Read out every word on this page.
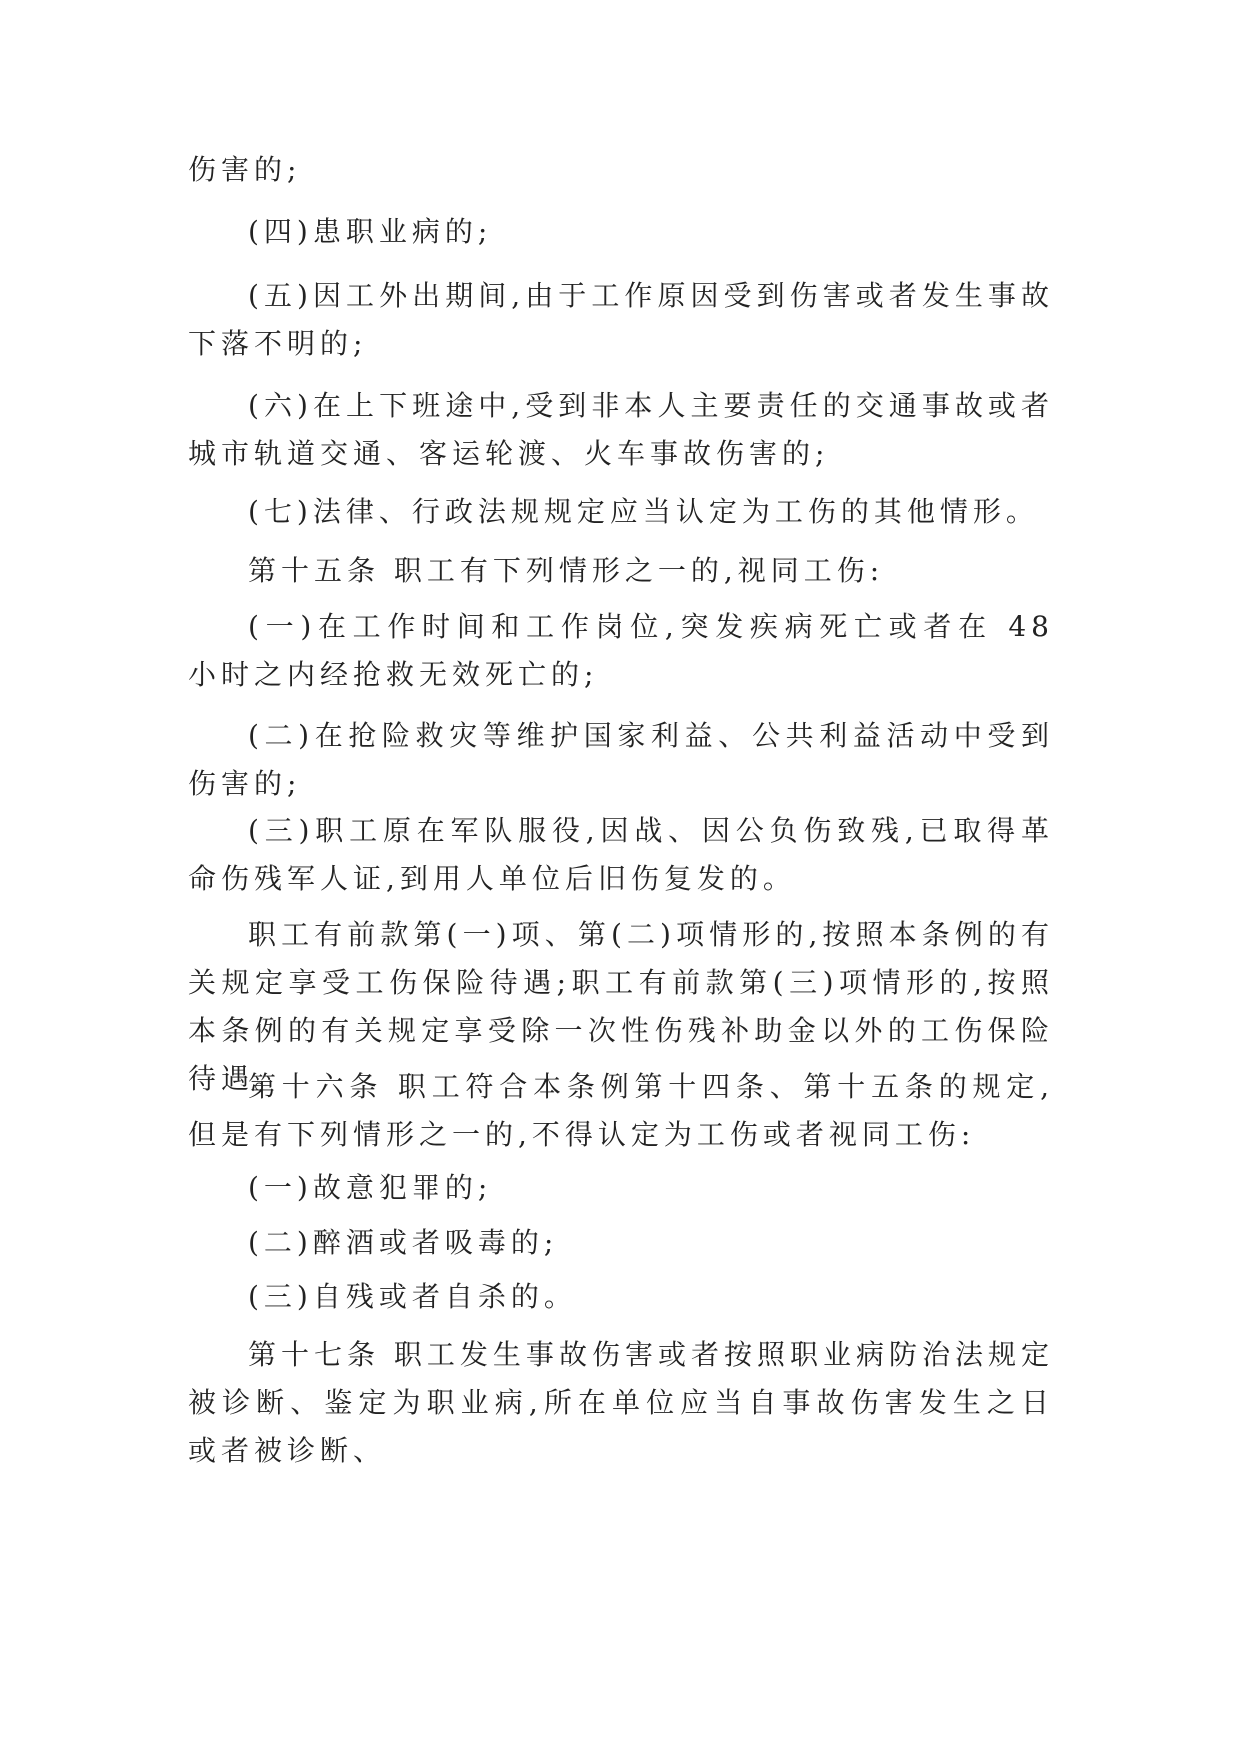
伤害的;

(四)患职业病的;

(五)因工外出期间,由于工作原因受到伤害或者发生事故下落不明的;

(六)在上下班途中,受到非本人主要责任的交通事故或者城市轨道交通、客运轮渡、火车事故伤害的;

(七)法律、行政法规规定应当认定为工伤的其他情形。

第十五条 职工有下列情形之一的,视同工伤:

(一)在工作时间和工作岗位,突发疾病死亡或者在 48 小时之内经抢救无效死亡的;

(二)在抢险救灾等维护国家利益、公共利益活动中受到伤害的;

(三)职工原在军队服役,因战、因公负伤致残,已取得革命伤残军人证,到用人单位后旧伤复发的。

职工有前款第(一)项、第(二)项情形的,按照本条例的有关规定享受工伤保险待遇;职工有前款第(三)项情形的,按照本条例的有关规定享受除一次性伤残补助金以外的工伤保险待遇。

第十六条 职工符合本条例第十四条、第十五条的规定,但是有下列情形之一的,不得认定为工伤或者视同工伤:

(一)故意犯罪的;

(二)醉酒或者吸毒的;

(三)自残或者自杀的。

第十七条 职工发生事故伤害或者按照职业病防治法规定被诊断、鉴定为职业病,所在单位应当自事故伤害发生之日或者被诊断、
